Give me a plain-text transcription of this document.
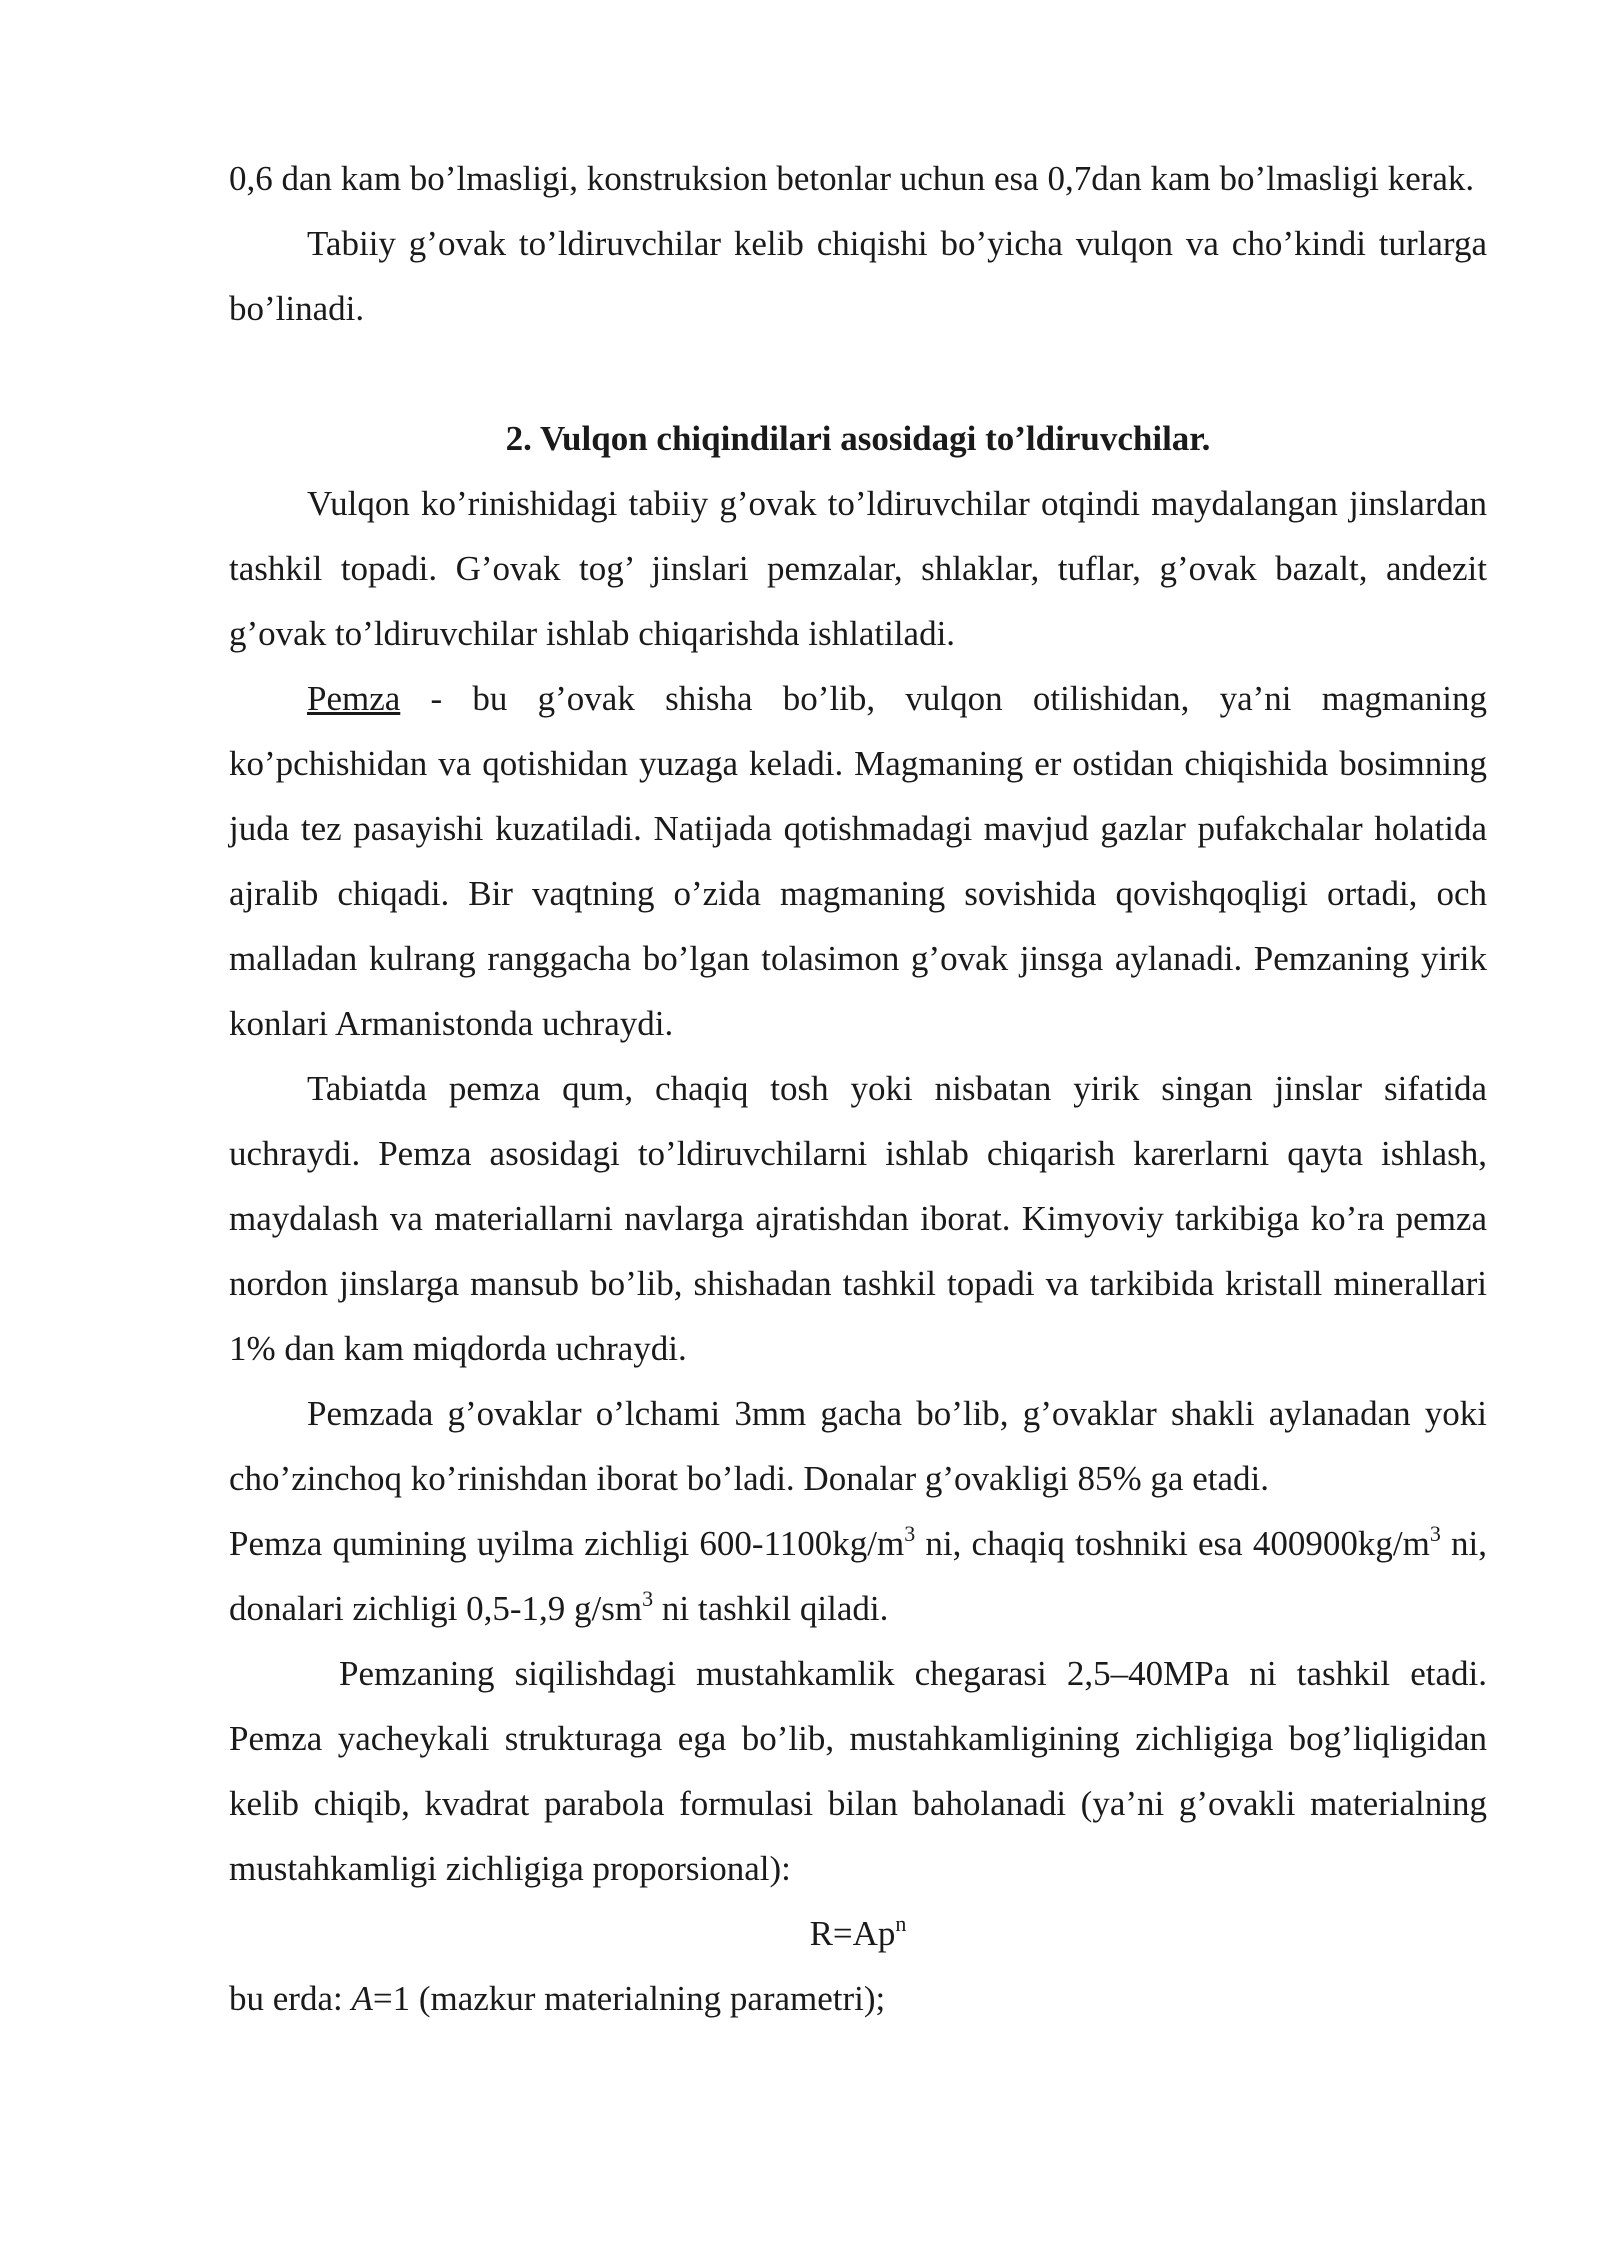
0,6 dan kam bo’lmasligi, konstruksion betonlar uchun esa 0,7dan kam bo’lmasligi kerak.

Tabiiy g’ovak to’ldiruvchilar kelib chiqishi bo’yicha vulqon va cho’kindi turlarga bo’linadi.

2. Vulqon chiqindilari asosidagi to’ldiruvchilar.

Vulqon ko’rinishidagi tabiiy g’ovak to’ldiruvchilar otqindi maydalangan jinslardan tashkil topadi. G’ovak tog’ jinslari pemzalar, shlaklar, tuflar, g’ovak bazalt, andezit g’ovak to’ldiruvchilar ishlab chiqarishda ishlatiladi.

Pemza - bu g’ovak shisha bo’lib, vulqon otilishidan, ya’ni magmaning ko’pchishidan va qotishidan yuzaga keladi. Magmaning er ostidan chiqishida bosimning juda tez pasayishi kuzatiladi. Natijada qotishmadagi mavjud gazlar pufakchalar holatida ajralib chiqadi. Bir vaqtning o’zida magmaning sovishida qovishqoqligi ortadi, och malladan kulrang ranggacha bo’lgan tolasimon g’ovak jinsga aylanadi. Pemzaning yirik konlari Armanistonda uchraydi.

Tabiatda pemza qum, chaqiq tosh yoki nisbatan yirik singan jinslar sifatida uchraydi. Pemza asosidagi to’ldiruvchilarni ishlab chiqarish karerlarni qayta ishlash, maydalash va materiallarni navlarga ajratishdan iborat. Kimyoviy tarkibiga ko’ra pemza nordon jinslarga mansub bo’lib, shishadan tashkil topadi va tarkibida kristall minerallari 1% dan kam miqdorda uchraydi.

Pemzada g’ovaklar o’lchami 3mm gacha bo’lib, g’ovaklar shakli aylanadan yoki cho’zinchoq ko’rinishdan iborat bo’ladi. Donalar g’ovakligi 85% ga etadi.

Pemza qumining uyilma zichligi $600-1100kg/m^3$ ni, chaqiq toshniki esa $400900kg/m^3$ ni, donalari zichligi 0,5-1,9 $g/sm^3$ ni tashkil qiladi.

Pemzaning siqilishdagi mustahkamlik chegarasi 2,5–40MPa ni tashkil etadi. Pemza yacheykali strukturaga ega bo’lib, mustahkamligining zichligiga bog’liqligidan kelib chiqib, kvadrat parabola formulasi bilan baholanadi (ya’ni g’ovakli materialning mustahkamligi zichligiga proporsional):

$R=Ap^n$

bu erda: A=1 (mazkur materialning parametri);
